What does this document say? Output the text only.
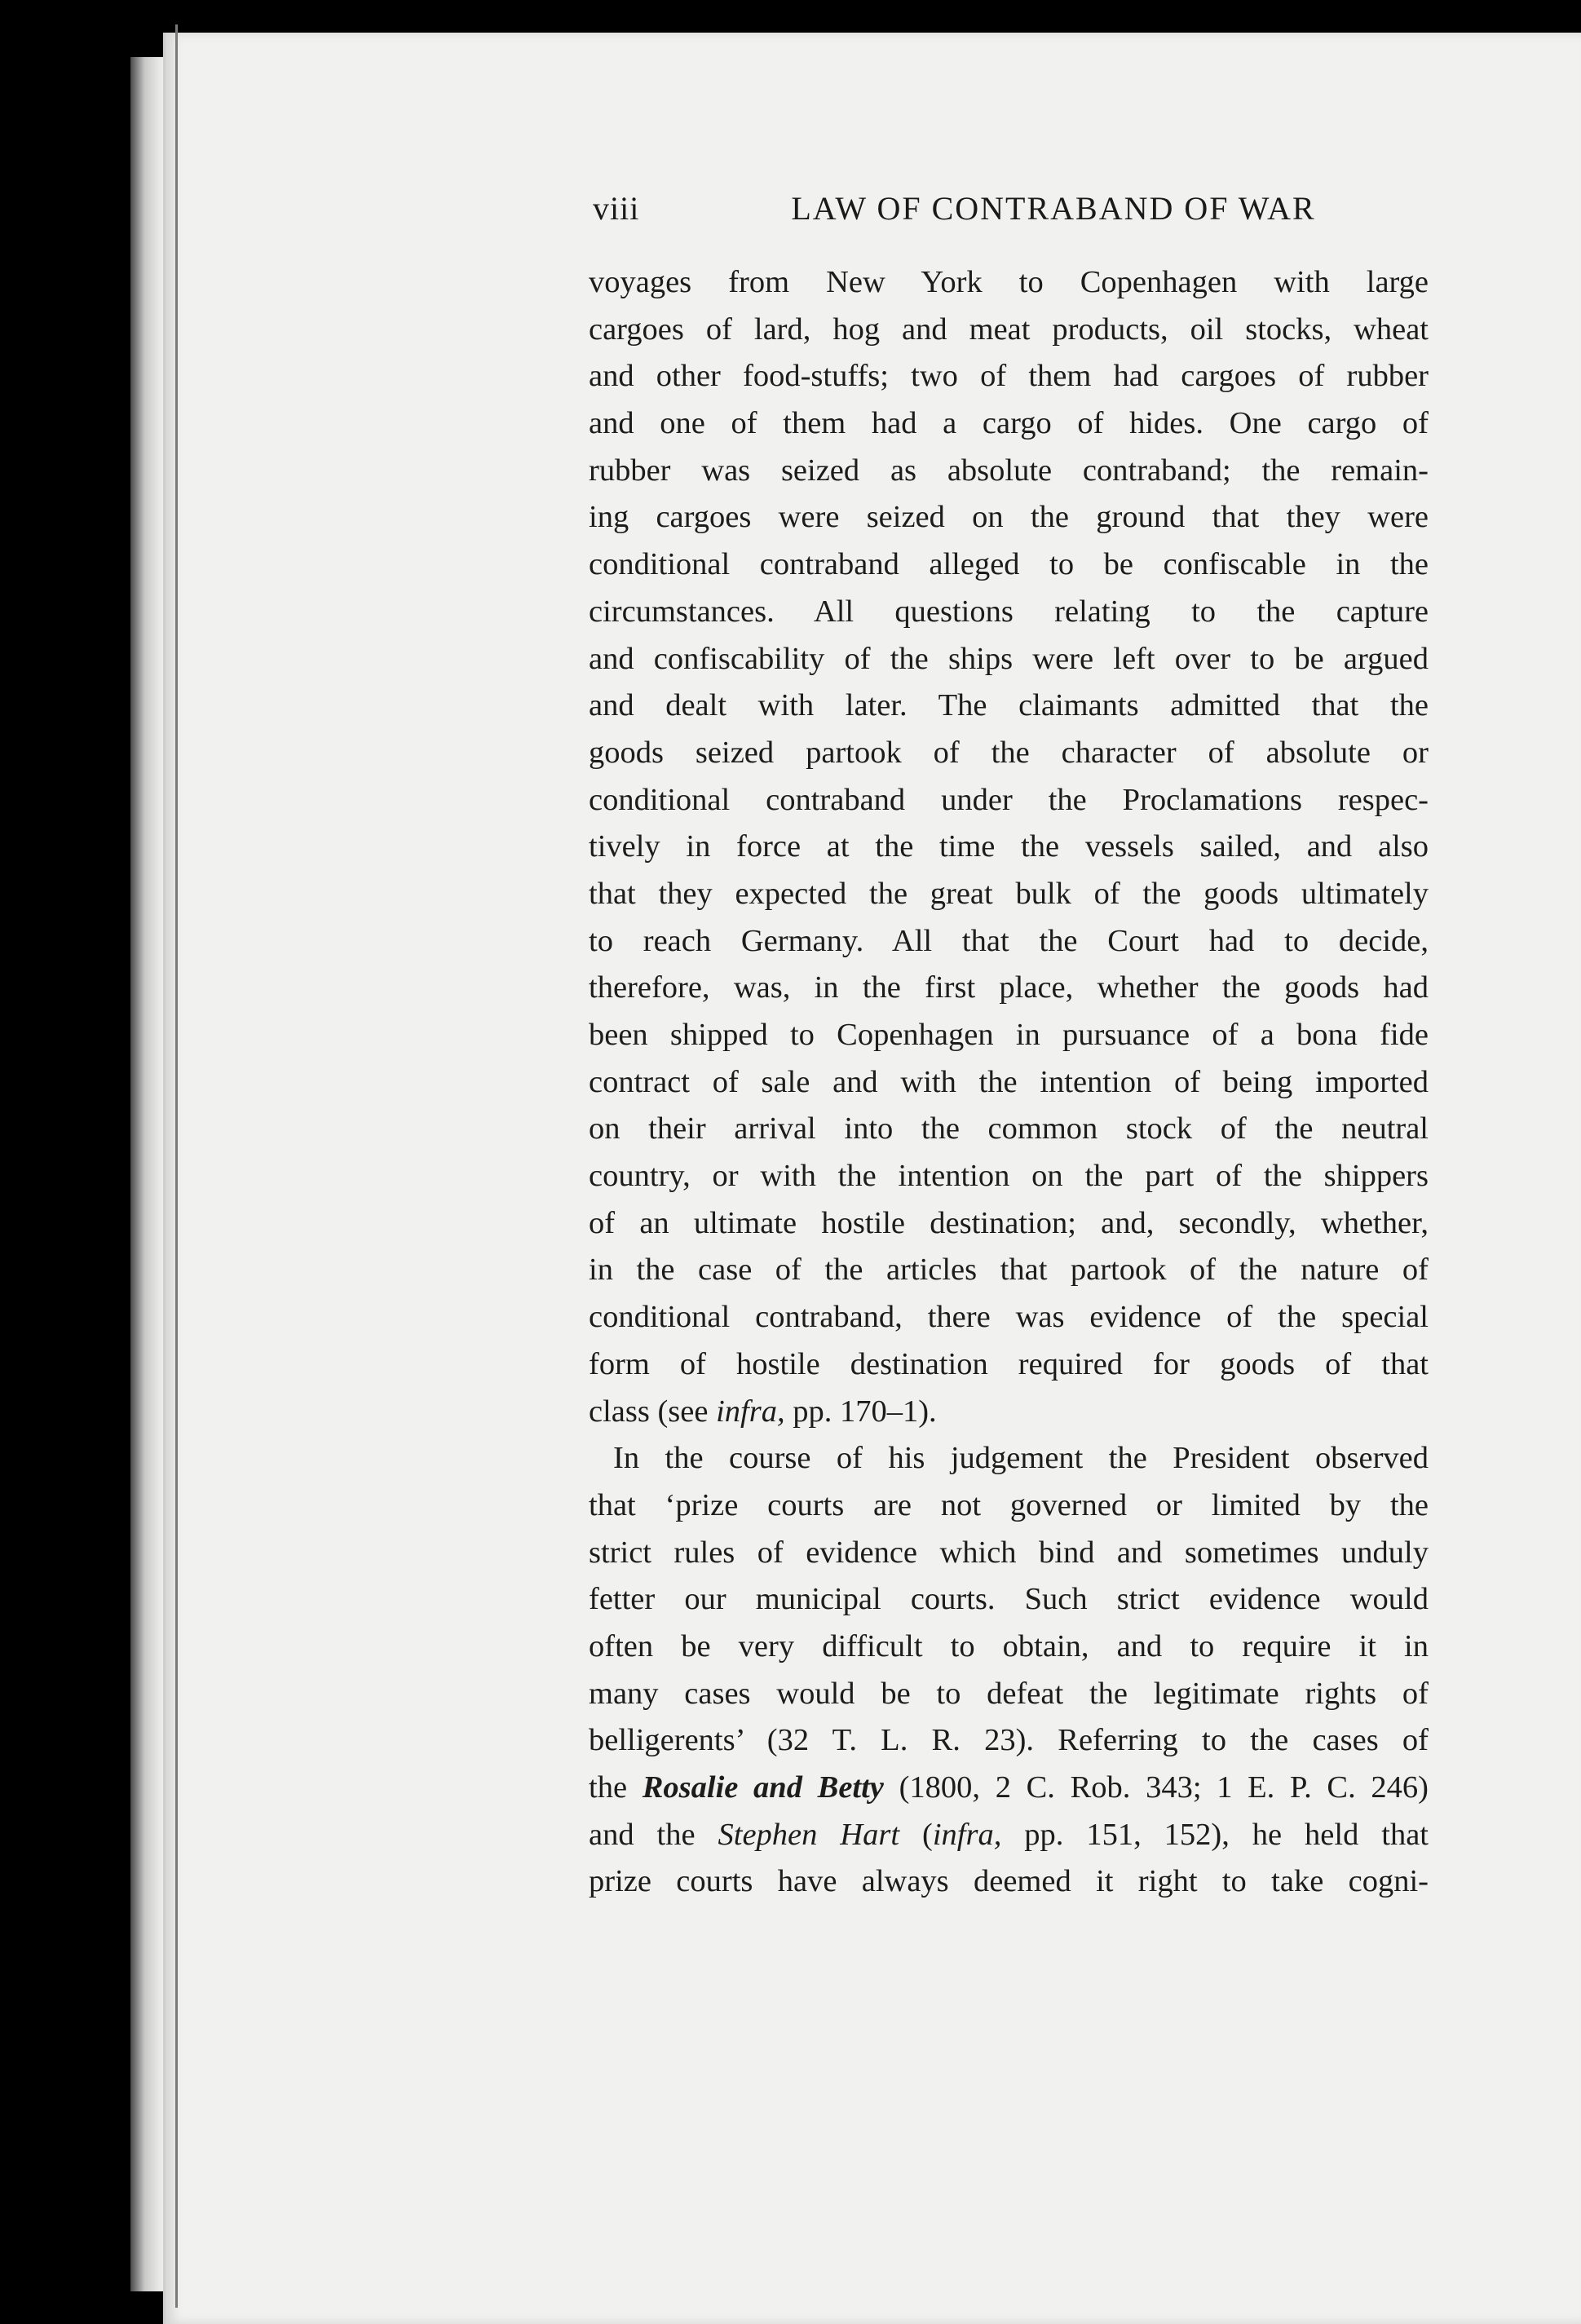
viii	LAW OF CONTRABAND OF WAR
voyages from New York to Copenhagen with large
cargoes of lard, hog and meat products, oil stocks, wheat
and other food-stuffs; two of them had cargoes of rubber
and one of them had a cargo of hides. One cargo of
rubber was seized as absolute contraband; the remain-
ing cargoes were seized on the ground that they were
conditional contraband alleged to be confiscable in the
circumstances. All questions relating to the capture
and confiscability of the ships were left over to be argued
and dealt with later. The claimants admitted that the
goods seized partook of the character of absolute or
conditional contraband under the Proclamations respec-
tively in force at the time the vessels sailed, and also
that they expected the great bulk of the goods ultimately
to reach Germany. All that the Court had to decide,
therefore, was, in the first place, whether the goods had
been shipped to Copenhagen in pursuance of a bona fide
contract of sale and with the intention of being imported
on their arrival into the common stock of the neutral
country, or with the intention on the part of the shippers
of an ultimate hostile destination; and, secondly, whether,
in the case of the articles that partook of the nature of
conditional contraband, there was evidence of the special
form of hostile destination required for goods of that
class (see infra, pp. 170–1).
In the course of his judgement the President observed
that ‘prize courts are not governed or limited by the
strict rules of evidence which bind and sometimes unduly
fetter our municipal courts. Such strict evidence would
often be very difficult to obtain, and to require it in
many cases would be to defeat the legitimate rights of
belligerents’ (32 T. L. R. 23). Referring to the cases of
the Rosalie and Betty (1800, 2 C. Rob. 343; 1 E. P. C. 246)
and the Stephen Hart (infra, pp. 151, 152), he held that
prize courts have always deemed it right to take cogni-
